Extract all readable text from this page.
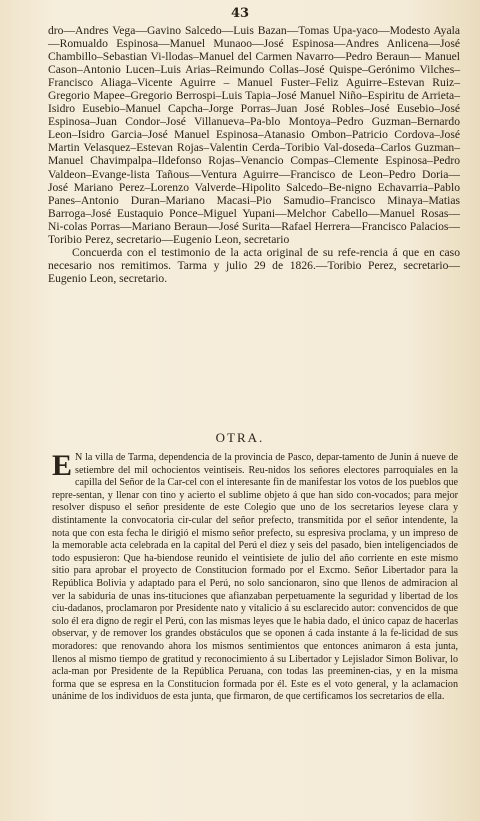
43

dro—Andres Vega—Gavino Salcedo—Luis Bazan—Tomas Upa-yaco—Modesto Ayala—Romualdo Espinosa—Manuel Munaoo—José Espinosa—Andres Anlicena—José Chambillo–Sebastian Vi-llodas–Manuel del Carmen Navarro—Pedro Beraun— Manuel Cason–Antonio Lucen–Luis Arias–Reimundo Collas–José Quispe–Gerónimo Vilches–Francisco Aliaga–Vicente Aguirre – Manuel Fuster–Feliz Aguirre–Estevan Ruiz–Gregorio Mapee–Gregorio Berrospi–Luis Tapia–José Manuel Niño–Espiritu de Arrieta–Isidro Eusebio–Manuel Capcha–Jorge Porras–Juan José Robles–José Eusebio–José Espinosa–Juan Condor–José Villanueva–Pa-blo Montoya–Pedro Guzman–Bernardo Leon–Isidro Garcia–José Manuel Espinosa–Atanasio Ombon–Patricio Cordova–José Martin Velasquez–Estevan Rojas–Valentin Cerda–Toribio Val-doseda–Carlos Guzman–Manuel Chavimpalpa–Ildefonso Rojas–Venancio Compas–Clemente Espinosa–Pedro Valdeon–Evange-lista Tañous—Ventura Aguirre—Francisco de Leon–Pedro Doria—José Mariano Perez–Lorenzo Valverde–Hipolito Salcedo–Be-nigno Echavarria–Pablo Panes–Antonio Duran–Mariano Macasi–Pio Samudio–Francisco Minaya–Matias Barroga–José Eustaquio Ponce–Miguel Yupani—Melchor Cabello—Manuel Rosas— Ni-colas Porras—Mariano Beraun—José Surita—Rafael Herrera—Francisco Palacios— Toribio Perez, secretario—Eugenio Leon, secretario

Concuerda con el testimonio de la acta original de su refe-rencia á que en caso necesario nos remitimos. Tarma y julio 29 de 1826.—Toribio Perez, secretario—Eugenio Leon, secretario.

OTRA.

E N la villa de Tarma, dependencia de la provincia de Pasco, depar-tamento de Junin á nueve de setiembre del mil ochocientos veintiseis. Reu-nidos los señores electores parroquiales en la capilla del Señor de la Car-cel con el interesante fin de manifestar los votos de los pueblos que repre-sentan, y llenar con tino y acierto el sublime objeto á que han sido con-vocados; para mejor resolver dispuso el señor presidente de este Colegio que uno de los secretarios leyese clara y distintamente la convocatoria cir-cular del señor prefecto, transmitida por el señor intendente, la nota que con esta fecha le dirigió el mismo señor prefecto, su espresiva proclama, y un impreso de la memorable acta celebrada en la capital del Perú el diez y seis del pasado, bien inteligenciados de todo espusieron: Que ha-biendose reunido el veintisiete de julio del año corriente en este mismo sitio para aprobar el proyecto de Constitucion formado por el Excmo. Señor Libertador para la República Bolivia y adaptado para el Perú, no solo sancionaron, sino que llenos de admiracion al ver la sabiduria de unas ins-tituciones que afianzaban perpetuamente la seguridad y libertad de los ciu-dadanos, proclamaron por Presidente nato y vitalicio á su esclarecido autor: convencidos de que solo él era digno de regir el Perú, con las mismas leyes que le habia dado, el único capaz de hacerlas observar, y de remover los grandes obstáculos que se oponen á cada instante á la fe-licidad de sus moradores: que renovando ahora los mismos sentimientos que entonces animaron á esta junta, llenos al mismo tiempo de gratitud y reconocimiento á su Libertador y Lejislador Simon Bolivar, lo acla-man por Presidente de la República Peruana, con todas las preeminen-cias, y en la misma forma que se espresa en la Constitucion formada por él. Este es el voto general, y la aclamacion unánime de los individuos de esta junta, que firmaron, de que certificamos los secretarios de ella.
